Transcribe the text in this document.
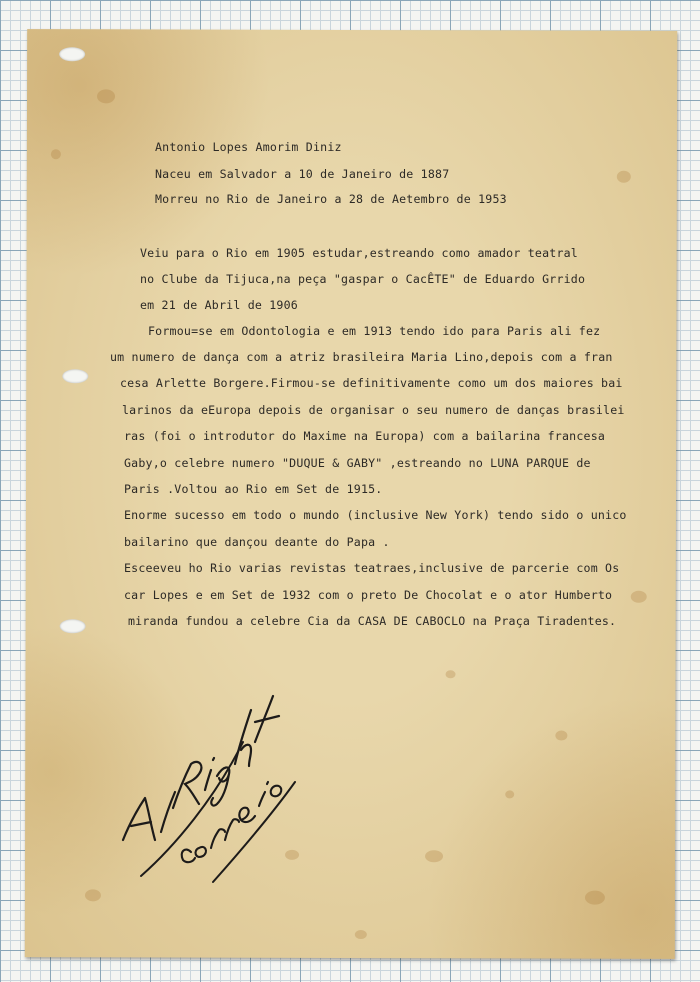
Antonio Lopes Amorim Diniz
Naceu em Salvador a 10 de Janeiro de 1887
Morreu no Rio de Janeiro a 28 de Aetembro de 1953
Veiu para o Rio em 1905 estudar,estreando como amador teatral
no Clube da Tijuca,na peça "gaspar o CacÊTE" de Eduardo Grrido
em 21 de Abril de 1906
Formou=se em Odontologia e em 1913 tendo ido para Paris ali fez
um numero de dança com a atriz brasileira Maria Lino,depois com a fran
cesa Arlette Borgere.Firmou-se definitivamente como um dos maiores bai
larinos da eEuropa depois de organisar o seu numero de danças brasilei
ras (foi o introdutor do Maxime na Europa) com a bailarina francesa
Gaby,o celebre numero "DUQUE & GABY" ,estreando no LUNA PARQUE de
Paris .Voltou ao Rio em Set de 1915.
Enorme sucesso em todo o mundo (inclusive New York) tendo sido o unico
bailarino que dançou deante do Papa .
Esceeveu ho Rio varias revistas teatraes,inclusive de parcerie com Os
car Lopes e em Set de 1932 com o preto De Chocolat e o ator Humberto
miranda fundou a celebre Cia da CASA DE CABOCLO na Praça Tiradentes.
